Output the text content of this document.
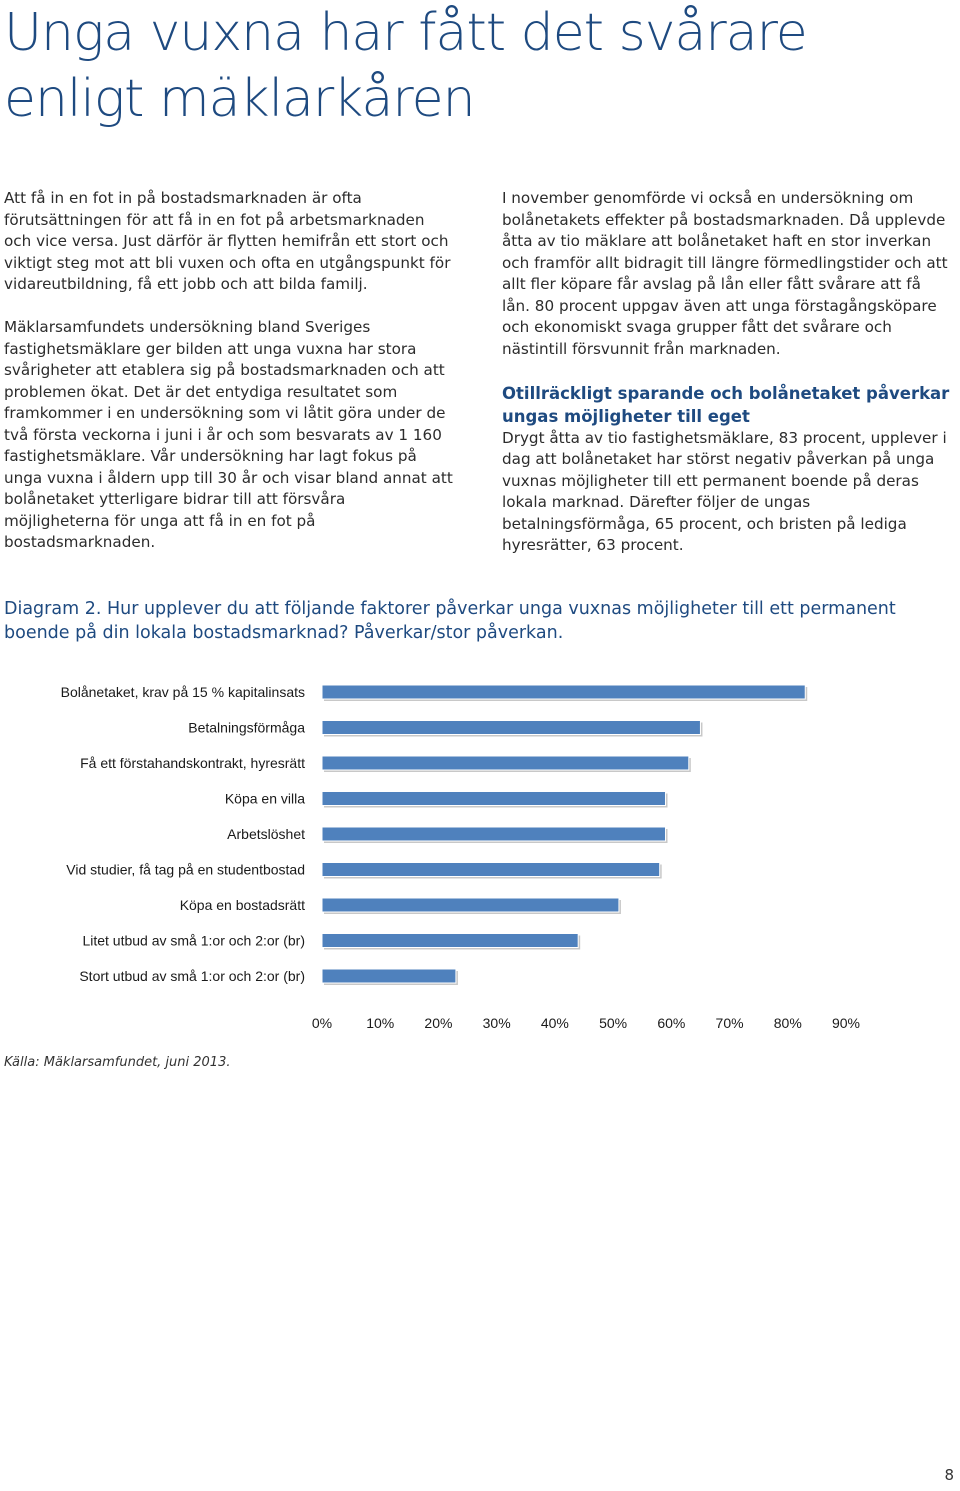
Unga vuxna har fått det svårare
enligt mäklarkåren

Att få in en fot in på bostadsmarknaden är ofta förutsättningen för att få in en fot på arbetsmarknaden och vice versa. Just därför är flytten hemifrån ett stort och viktigt steg mot att bli vuxen och ofta en utgångspunkt för vidareutbildning, få ett jobb och att bilda familj.

Mäklarsamfundets undersökning bland Sveriges fastighetsmäklare ger bilden att unga vuxna har stora svårigheter att etablera sig på bostadsmarknaden och att problemen ökat. Det är det entydiga resultatet som framkommer i en undersökning som vi låtit göra under de två första veckorna i juni i år och som besvarats av 1 160 fastighetsmäklare. Vår undersökning har lagt fokus på unga vuxna i åldern upp till 30 år och visar bland annat att bolånetaket ytterligare bidrar till att försvåra möjligheterna för unga att få in en fot på bostadsmarknaden.

I november genomförde vi också en undersökning om bolånetakets effekter på bostadsmarknaden. Då upplevde åtta av tio mäklare att bolånetaket haft en stor inverkan och framför allt bidragit till längre förmedlingstider och att allt fler köpare får avslag på lån eller fått svårare att få lån. 80 procent uppgav även att unga förstagångsköpare och ekonomiskt svaga grupper fått det svårare och nästintill försvunnit från marknaden.

Otillräckligt sparande och bolånetaket påverkar ungas möjligheter till eget

Drygt åtta av tio fastighetsmäklare, 83 procent, upplever i dag att bolånetaket har störst negativ påverkan på unga vuxnas möjligheter till ett permanent boende på deras lokala marknad. Därefter följer de ungas betalningsförmåga, 65 procent, och bristen på lediga hyresrätter, 63 procent.

Diagram 2. Hur upplever du att följande faktorer påverkar unga vuxnas möjligheter till ett permanent boende på din lokala bostadsmarknad? Påverkar/stor påverkan.

Bolånetaket, krav på 15 % kapitalinsats
Betalningsförmåga
Få ett förstahandskontrakt, hyresrätt
Köpa en villa
Arbetslöshet
Vid studier, få tag på en studentbostad
Köpa en bostadsrätt
Litet utbud av små 1:or och 2:or (br)
Stort utbud av små 1:or och 2:or (br)
0% 10% 20% 30% 40% 50% 60% 70% 80% 90%
Källa: Mäklarsamfundet, juni 2013.
8
